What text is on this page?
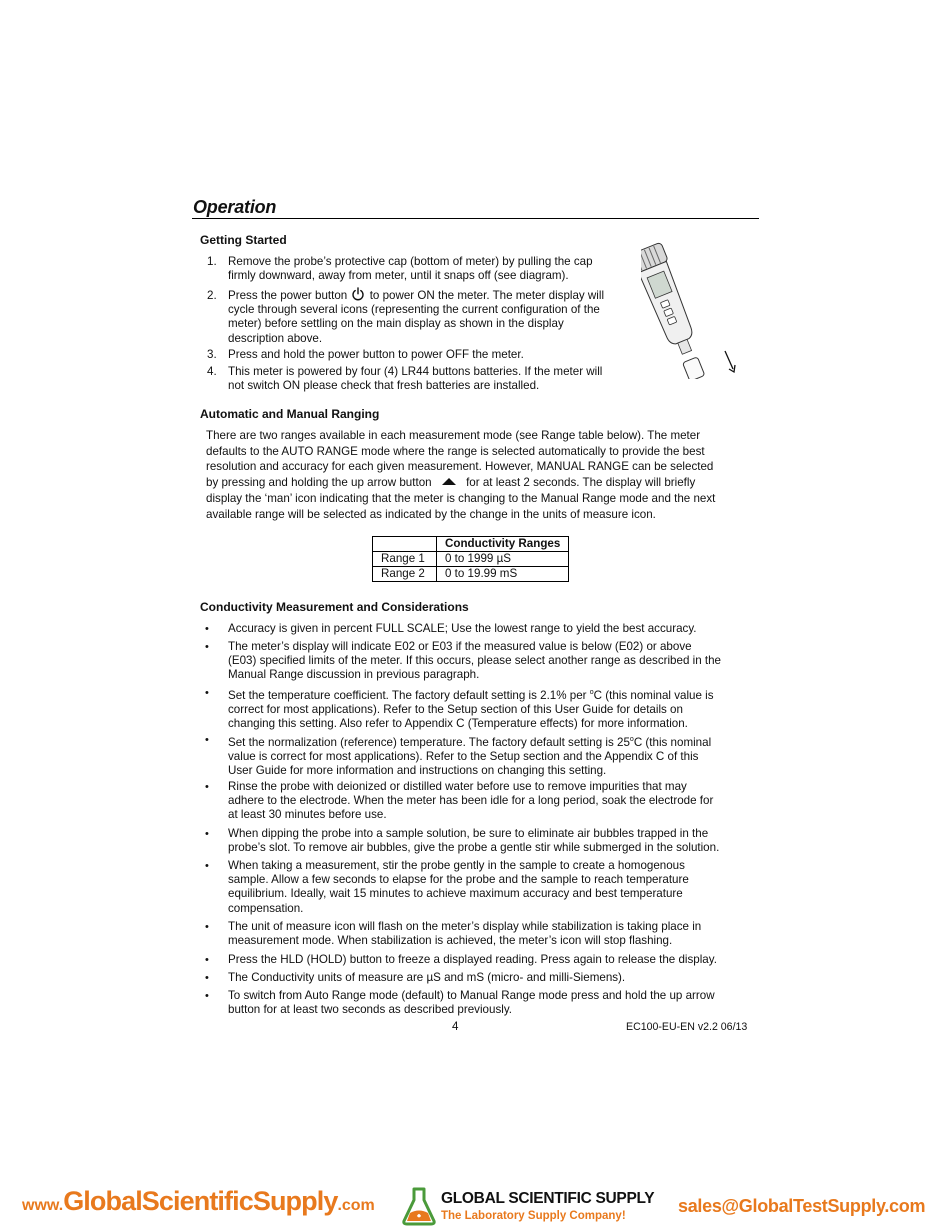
Operation
Getting Started
1. Remove the probe’s protective cap (bottom of meter) by pulling the cap
firmly downward, away from meter, until it snaps off (see diagram).
2. Press the power button to power ON the meter. The meter display will
cycle through several icons (representing the current configuration of the
meter) before settling on the main display as shown in the display
description above.
3. Press and hold the power button to power OFF the meter.
4. This meter is powered by four (4) LR44 buttons batteries. If the meter will
not switch ON please check that fresh batteries are installed.
Automatic and Manual Ranging
There are two ranges available in each measurement mode (see Range table below). The meter
defaults to the AUTO RANGE mode where the range is selected automatically to provide the best
resolution and accuracy for each given measurement. However, MANUAL RANGE can be selected
by pressing and holding the up arrow button	for at least 2 seconds. The display will briefly
display the ‘man’ icon indicating that the meter is changing to the Manual Range mode and the next
available range will be selected as indicated by the change in the units of measure icon.
	Conductivity Ranges
Range 1	0 to 1999 µS
Range 2	0 to 19.99 mS
Conductivity Measurement and Considerations
•	Accuracy is given in percent FULL SCALE; Use the lowest range to yield the best accuracy.
•	The meter’s display will indicate E02 or E03 if the measured value is below (E02) or above
(E03) specified limits of the meter. If this occurs, please select another range as described in the
Manual Range discussion in previous paragraph.
•	Set the temperature coefficient. The factory default setting is 2.1% per $^o$C (this nominal value is
correct for most applications). Refer to the Setup section of this User Guide for details on
changing this setting. Also refer to Appendix C (Temperature effects) for more information.
•	Set the normalization (reference) temperature. The factory default setting is 25$^o$C (this nominal
value is correct for most applications). Refer to the Setup section and the Appendix C of this
User Guide for more information and instructions on changing this setting.
•	Rinse the probe with deionized or distilled water before use to remove impurities that may
adhere to the electrode. When the meter has been idle for a long period, soak the electrode for
at least 30 minutes before use.
•	When dipping the probe into a sample solution, be sure to eliminate air bubbles trapped in the
probe’s slot. To remove air bubbles, give the probe a gentle stir while submerged in the solution.
•	When taking a measurement, stir the probe gently in the sample to create a homogenous
sample. Allow a few seconds to elapse for the probe and the sample to reach temperature
equilibrium. Ideally, wait 15 minutes to achieve maximum accuracy and best temperature
compensation.
•	The unit of measure icon will flash on the meter’s display while stabilization is taking place in
measurement mode. When stabilization is achieved, the meter’s icon will stop flashing.
•	Press the HLD (HOLD) button to freeze a displayed reading. Press again to release the display.
•	The Conductivity units of measure are µS and mS (micro- and milli-Siemens).
•	To switch from Auto Range mode (default) to Manual Range mode press and hold the up arrow
button for at least two seconds as described previously.
4	EC100-EU-EN v2.2 06/13
www.GlobalScientificSupply.com	GLOBAL SCIENTIFIC SUPPLY
The Laboratory Supply Company!	sales@GlobalTestSupply.com
